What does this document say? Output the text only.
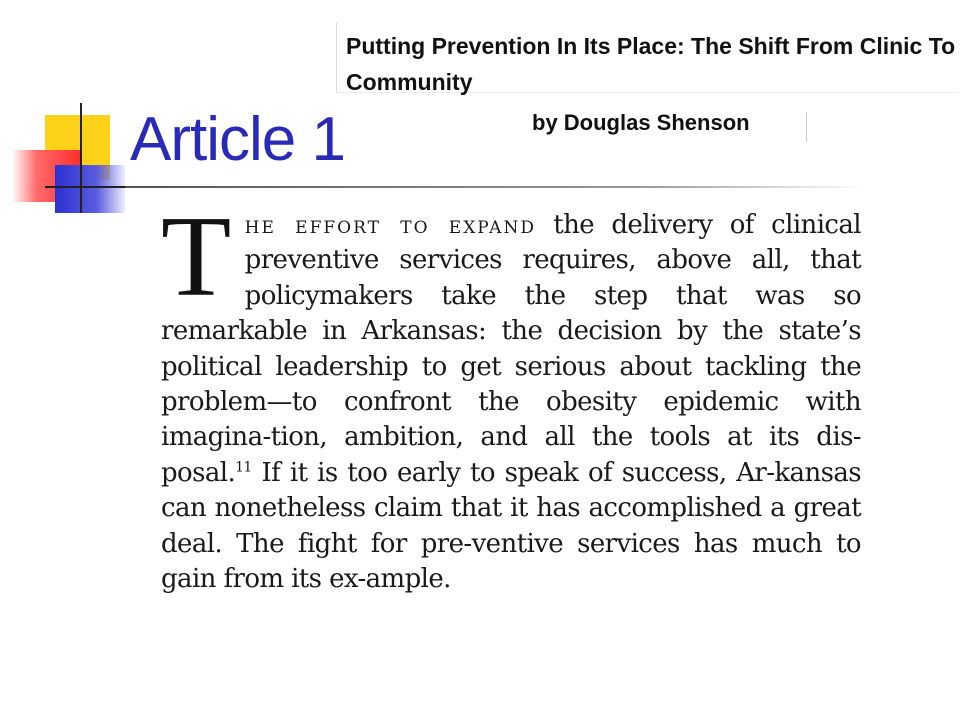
Article 1

Putting Prevention In Its Place: The Shift From Clinic To Community

by Douglas Shenson

The effort to expand the delivery of clinical preventive services requires, above all, that policymakers take the step that was so remarkable in Arkansas: the decision by the state’s political leadership to get serious about tackling the problem—to confront the obesity epidemic with imagina-tion, ambition, and all the tools at its dis-posal.$^{11}$ If it is too early to speak of success, Ar-kansas can nonetheless claim that it has accomplished a great deal. The fight for pre-ventive services has much to gain from its ex-ample.
